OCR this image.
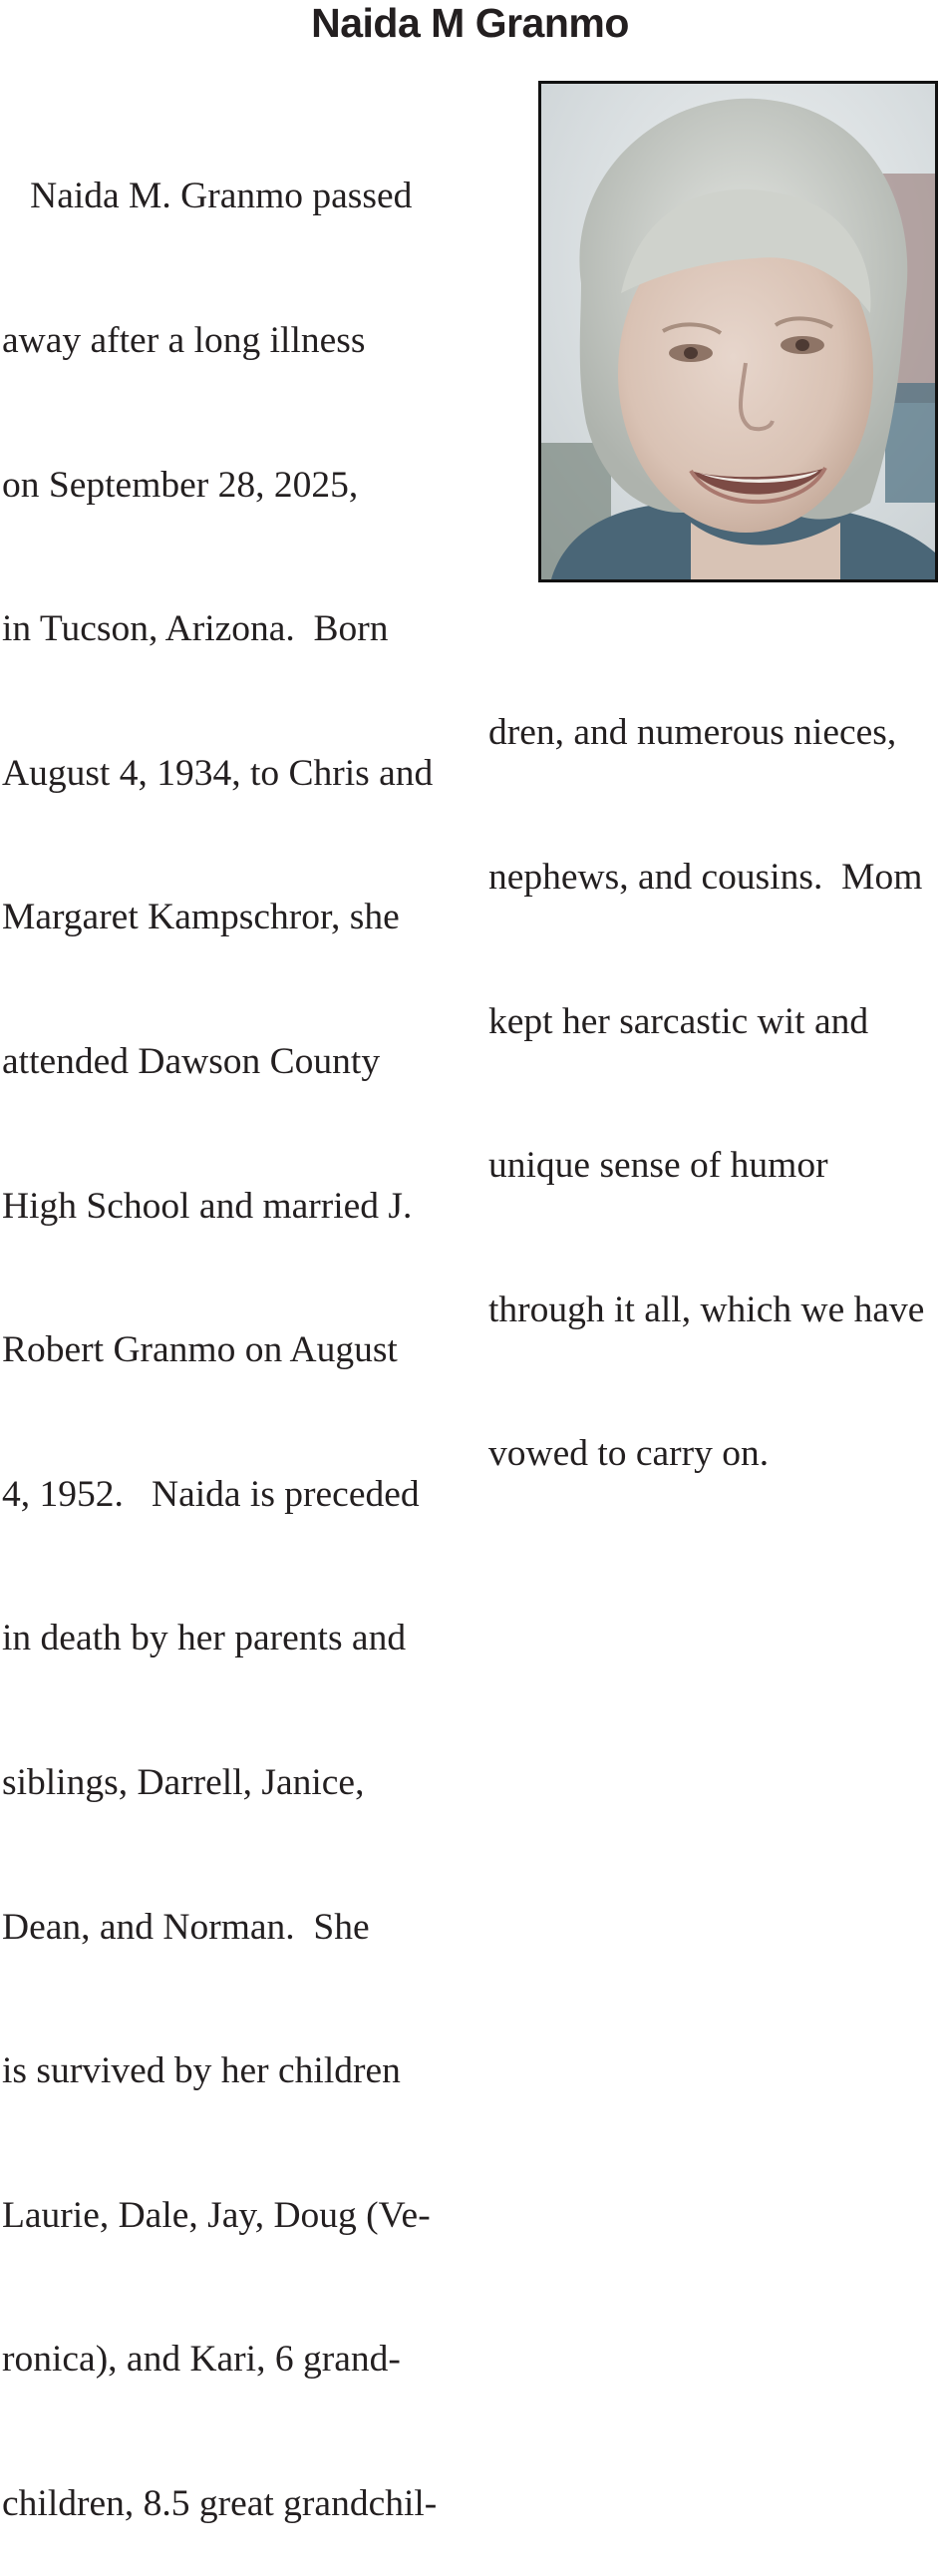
Naida M Granmo

Naida M. Granmo passed

away after a long illness

on September 28, 2025,

in Tucson, Arizona.  Born

August 4, 1934, to Chris and

Margaret Kampschror, she

attended Dawson County

High School and married J.

Robert Granmo on August

4, 1952.   Naida is preceded

in death by her parents and

siblings, Darrell, Janice,

Dean, and Norman.  She

is survived by her children

Laurie, Dale, Jay, Doug (Ve-

ronica), and Kari, 6 grand-

children, 8.5 great grandchil-

dren, and numerous nieces,

nephews, and cousins.  Mom

kept her sarcastic wit and

unique sense of humor

through it all, which we have

vowed to carry on.
